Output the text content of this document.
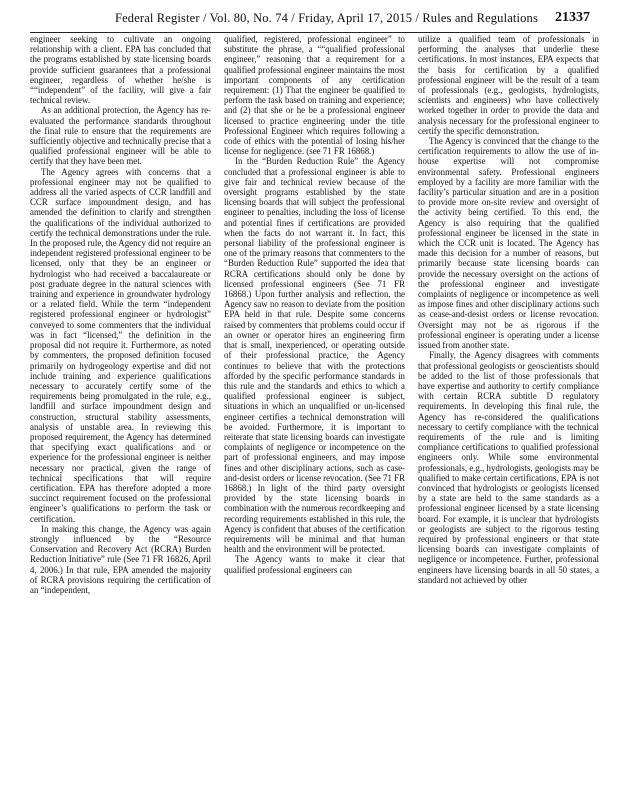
Federal Register / Vol. 80, No. 74 / Friday, April 17, 2015 / Rules and Regulations 21337

engineer seeking to cultivate an ongoing relationship with a client. EPA has concluded that the programs established by state licensing boards provide sufficient guarantees that a professional engineer, regardless of whether he/she is ““independent” of the facility, will give a fair technical review.

As an additional protection, the Agency has re-evaluated the performance standards throughout the final rule to ensure that the requirements are sufficiently objective and technically precise that a qualified professional engineer will be able to certify that they have been met.

The Agency agrees with concerns that a professional engineer may not be qualified to address all the varied aspects of CCR landfill and CCR surface impoundment design, and has amended the definition to clarify and strengthen the qualifications of the individual authorized to certify the technical demonstrations under the rule. In the proposed rule, the Agency did not require an independent registered professional engineer to be licensed, only that they be an engineer or hydrologist who had received a baccalaureate or post graduate degree in the natural sciences with training and experience in groundwater hydrology or a related field. While the term “independent registered professional engineer or hydrologist” conveyed to some commenters that the individual was in fact “licensed,” the definition in the proposal did not require it. Furthermore, as noted by commenters, the proposed definition focused primarily on hydrogeology expertise and did not include training and experience qualifications necessary to accurately certify some of the requirements being promulgated in the rule, e.g., landfill and surface impoundment design and construction, structural stability assessments, analysis of unstable area. In reviewing this proposed requirement, the Agency has determined that specifying exact qualifications and or experience for the professional engineer is neither necessary nor practical, given the range of technical specifications that will require certification. EPA has therefore adopted a more succinct requirement focused on the professional engineer’s qualifications to perform the task or certification.

In making this change, the Agency was again strongly influenced by the “Resource Conservation and Recovery Act (RCRA) Burden Reduction Initiative” rule (See 71 FR 16826, April 4, 2006.) In that rule, EPA amended the majority of RCRA provisions requiring the certification of an “independent,

qualified, registered, professional engineer” to substitute the phrase, a ““qualified professional engineer,” reasoning that a requirement for a qualified professional engineer maintains the most important components of any certification requirement: (1) That the engineer be qualified to perform the task based on training and experience; and (2) that she or he be a professional engineer licensed to practice engineering under the title Professional Engineer which requires following a code of ethics with the potential of losing his/her license for negligence. (see 71 FR 16868.)

In the “Burden Reduction Rule” the Agency concluded that a professional engineer is able to give fair and technical review because of the oversight programs established by the state licensing boards that will subject the professional engineer to penalties, including the loss of license and potential fines if certifications are provided when the facts do not warrant it. In fact, this personal liability of the professional engineer is one of the primary reasons that commenters to the “Burden Reduction Rule” supported the idea that RCRA certifications should only be done by licensed professional engineers (See 71 FR 16868.) Upon further analysis and reflection, the Agency saw no reason to deviate from the position EPA held in that rule. Despite some concerns raised by commenters that problems could occur if an owner or operator hires an engineering firm that is small, inexperienced, or operating outside of their professional practice, the Agency continues to believe that with the protections afforded by the specific performance standards in this rule and the standards and ethics to which a qualified professional engineer is subject, situations in which an unqualified or un-licensed engineer certifies a technical demonstration will be avoided. Furthermore, it is important to reiterate that state licensing boards can investigate complaints of negligence or incompetence on the part of professional engineers, and may impose fines and other disciplinary actions, such as case-and-desist orders or license revocation. (See 71 FR 16868.) In light of the third party oversight provided by the state licensing boards in combination with the numerous recordkeeping and recording requirements established in this rule, the Agency is confident that abuses of the certification requirements will be minimal and that human health and the environment will be protected.

The Agency wants to make it clear that qualified professional engineers can

utilize a qualified team of professionals in performing the analyses that underlie these certifications. In most instances, EPA expects that the basis for certification by a qualified professional engineer will be the result of a team of professionals (e.g., geologists, hydrologists, scientists and engineers) who have collectively worked together in order to provide the data and analysis necessary for the professional engineer to certify the specific demonstration.

The Agency is convinced that the change to the certification requirements to allow the use of in-house expertise will not compromise environmental safety. Professional engineers employed by a facility are more familiar with the facility’s particular situation and are in a position to provide more on-site review and oversight of the activity being certified. To this end, the Agency is also requiring that the qualified professional engineer be licensed in the state in which the CCR unit is located. The Agency has made this decision for a number of reasons, but primarily because state licensing boards can provide the necessary oversight on the actions of the professional engineer and investigate complaints of negligence or incompetence as well as impose fines and other disciplinary actions such as cease-and-desist orders or license revocation. Oversight may not be as rigorous if the professional engineer is operating under a license issued from another state.

Finally, the Agency disagrees with comments that professional geologists or geoscientists should be added to the list of those professionals that have expertise and authority to certify compliance with certain RCRA subtitle D regulatory requirements. In developing this final rule, the Agency has re-considered the qualifications necessary to certify compliance with the technical requirements of the rule and is limiting compliance certifications to qualified professional engineers only. While some environmental professionals, e.g., hydrologists, geologists may be qualified to make certain certifications, EPA is not convinced that hydrologists or geologists licensed by a state are held to the same standards as a professional engineer licensed by a state licensing board. For example, it is unclear that hydrologists or geologists are subject to the rigorous testing required by professional engineers or that state licensing boards can investigate complaints of negligence or incompetence. Further, professional engineers have licensing boards in all 50 states, a standard not achieved by other
